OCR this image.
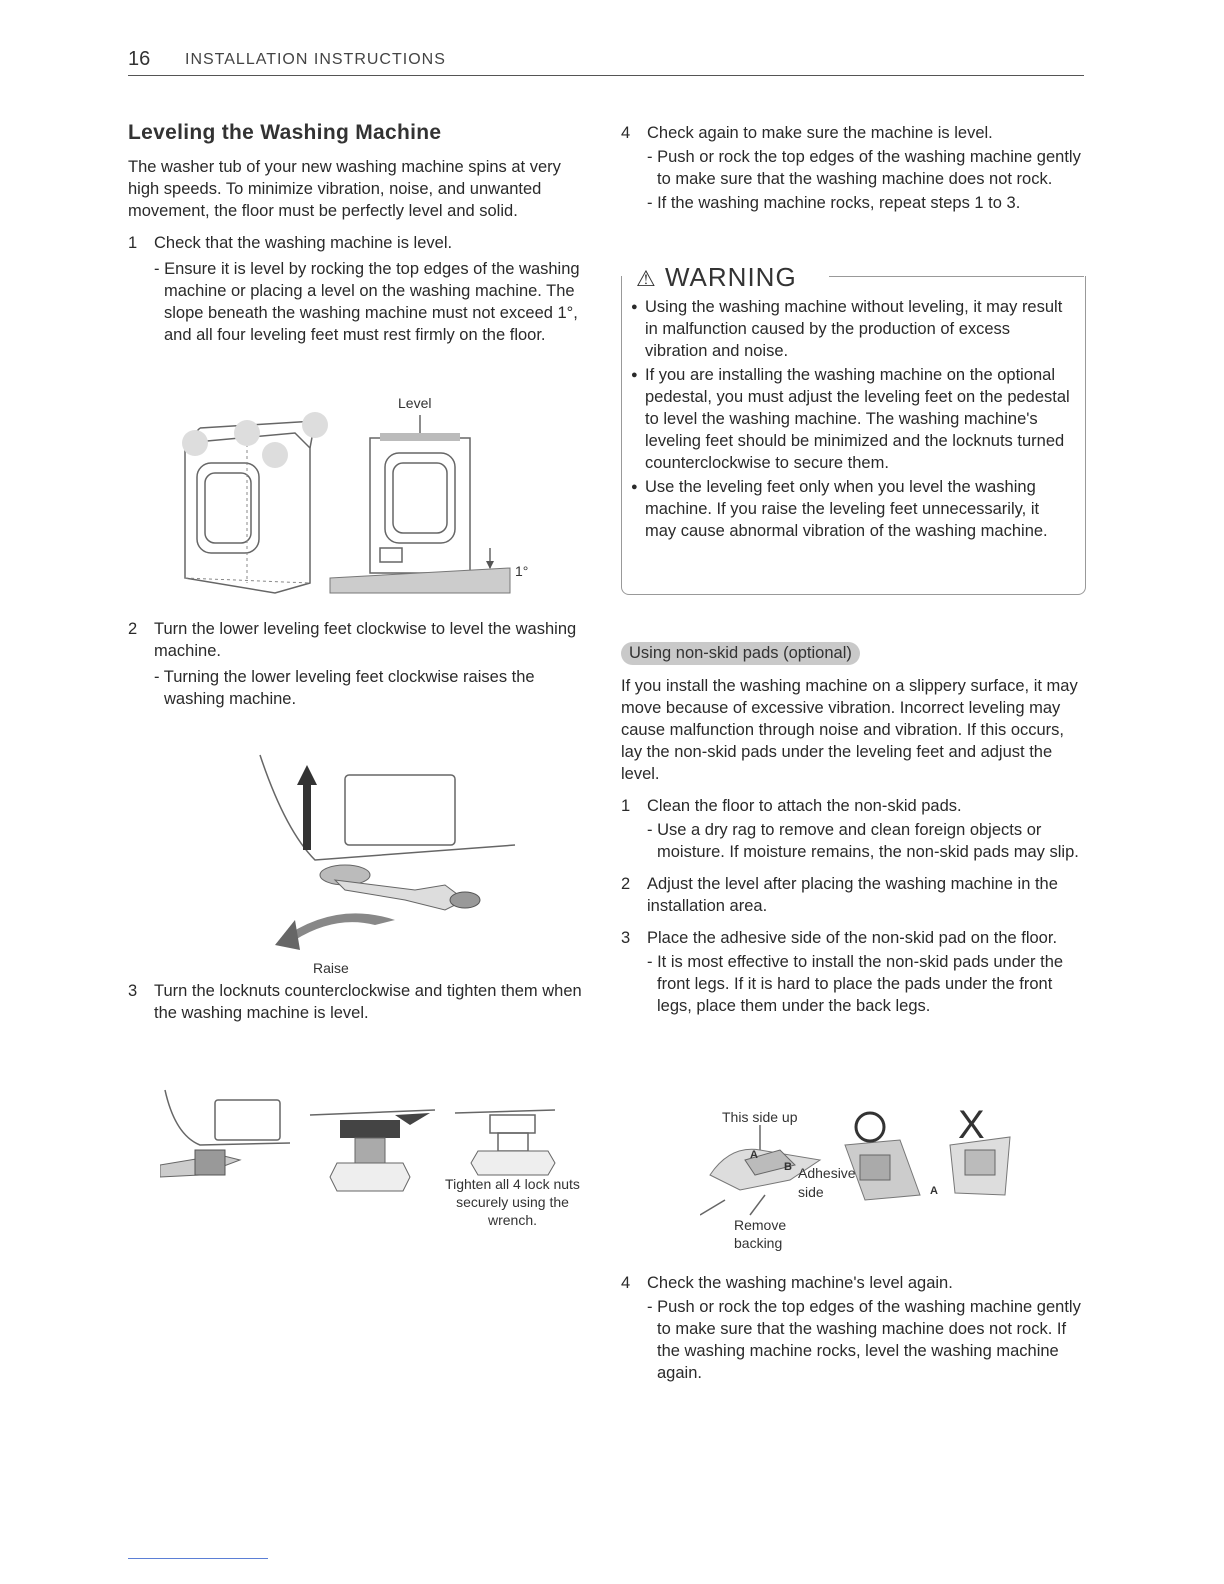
16 INSTALLATION INSTRUCTIONS

Leveling the Washing Machine

The washer tub of your new washing machine spins at very high speeds. To minimize vibration, noise, and unwanted movement, the floor must be perfectly level and solid.

1	Check that the washing machine is level.

- Ensure it is level by rocking the top edges of the washing machine or placing a level on the washing machine. The slope beneath the washing machine must not exceed 1°, and all four leveling feet must rest firmly on the floor.

Level
1°
2	Turn the lower leveling feet clockwise to level the washing machine.

- Turning the lower leveling feet clockwise raises the washing machine.

Raise
3	Turn the locknuts counterclockwise and tighten them when the washing machine is level.
Tighten all 4 lock nuts securely using the wrench.
4	Check again to make sure the machine is level.

- Push or rock the top edges of the washing machine gently to make sure that the washing machine does not rock.

- If the washing machine rocks, repeat steps 1 to 3.

⚠ WARNING
● Using the washing machine without leveling, it may result in malfunction caused by the production of excess vibration and noise.
● If you are installing the washing machine on the optional pedestal, you must adjust the leveling feet on the pedestal to level the washing machine. The washing machine's leveling feet should be minimized and the locknuts turned counterclockwise to secure them.
● Use the leveling feet only when you level the washing machine. If you raise the leveling feet unnecessarily, it may cause abnormal vibration of the washing machine.
Using non-skid pads (optional)

If you install the washing machine on a slippery surface, it may move because of excessive vibration. Incorrect leveling may cause malfunction through noise and vibration. If this occurs, lay the non-skid pads under the leveling feet and adjust the level.

1	Clean the floor to attach the non-skid pads.

- Use a dry rag to remove and clean foreign objects or moisture. If moisture remains, the non-skid pads may slip.

2	Adjust the level after placing the washing machine in the installation area.
3	Place the adhesive side of the non-skid pad on the floor.

- It is most effective to install the non-skid pads under the front legs. If it is hard to place the pads under the front legs, place them under the back legs.

This side up
Adhesive
side
Remove
backing
A
B
A
X
4	Check the washing machine's level again.

- Push or rock the top edges of the washing machine gently to make sure that the washing machine does not rock. If the washing machine rocks, level the washing machine again.
